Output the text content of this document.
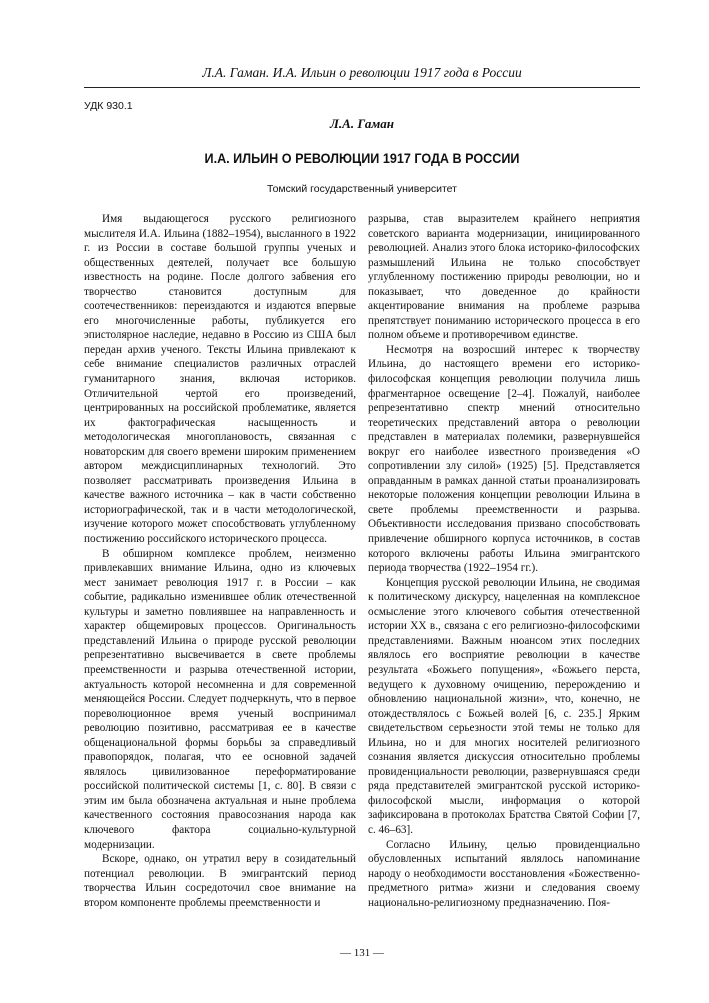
Л.А. Гаман. И.А. Ильин о революции 1917 года в России
УДК 930.1
Л.А. Гаман
И.А. ИЛЬИН О РЕВОЛЮЦИИ 1917 ГОДА В РОССИИ
Томский государственный университет

Имя выдающегося русского религиозного мыслителя И.А. Ильина (1882–1954), высланного в 1922 г. из России в составе большой группы ученых и общественных деятелей, получает все большую известность на родине. После долгого забвения его творчество становится доступным для соотечественников: переиздаются и издаются впервые его многочисленные работы, публикуется его эпистолярное наследие, недавно в Россию из США был передан архив ученого. Тексты Ильина привлекают к себе внимание специалистов различных отраслей гуманитарного знания, включая историков. Отличительной чертой его произведений, центрированных на российской проблематике, является их фактографическая насыщенность и методологическая многоплановость, связанная с новаторским для своего времени широким применением автором междисциплинарных технологий. Это позволяет рассматривать произведения Ильина в качестве важного источника – как в части собственно историографической, так и в части методологической, изучение которого может способствовать углубленному постижению российского исторического процесса.

В обширном комплексе проблем, неизменно привлекавших внимание Ильина, одно из ключевых мест занимает революция 1917 г. в России – как событие, радикально изменившее облик отечественной культуры и заметно повлиявшее на направленность и характер общемировых процессов. Оригинальность представлений Ильина о природе русской революции репрезентативно высвечивается в свете проблемы преемственности и разрыва отечественной истории, актуальность которой несомненна и для современной меняющейся России. Следует подчеркнуть, что в первое пореволюционное время ученый воспринимал революцию позитивно, рассматривая ее в качестве общенациональной формы борьбы за справедливый правопорядок, полагая, что ее основной задачей являлось цивилизованное переформатирование российской политической системы [1, с. 80]. В связи с этим им была обозначена актуальная и ныне проблема качественного состояния правосознания народа как ключевого фактора социально-культурной модернизации.

Вскоре, однако, он утратил веру в созидательный потенциал революции. В эмигрантский период творчества Ильин сосредоточил свое внимание на втором компоненте проблемы преемственности и

разрыва, став выразителем крайнего неприятия советского варианта модернизации, инициированного революцией. Анализ этого блока историко-философских размышлений Ильина не только способствует углубленному постижению природы революции, но и показывает, что доведенное до крайности акцентирование внимания на проблеме разрыва препятствует пониманию исторического процесса в его полном объеме и противоречивом единстве.

Несмотря на возросший интерес к творчеству Ильина, до настоящего времени его историко-философская концепция революции получила лишь фрагментарное освещение [2–4]. Пожалуй, наиболее репрезентативно спектр мнений относительно теоретических представлений автора о революции представлен в материалах полемики, развернувшейся вокруг его наиболее известного произведения «О сопротивлении злу силой» (1925) [5]. Представляется оправданным в рамках данной статьи проанализировать некоторые положения концепции революции Ильина в свете проблемы преемственности и разрыва. Объективности исследования призвано способствовать привлечение обширного корпуса источников, в состав которого включены работы Ильина эмигрантского периода творчества (1922–1954 гг.).

Концепция русской революции Ильина, не сводимая к политическому дискурсу, нацеленная на комплексное осмысление этого ключевого события отечественной истории XX в., связана с его религиозно-философскими представлениями. Важным нюансом этих последних являлось его восприятие революции в качестве результата «Божьего попущения», «Божьего перста, ведущего к духовному очищению, перерождению и обновлению национальной жизни», что, конечно, не отождествлялось с Божьей волей [6, с. 235.] Ярким свидетельством серьезности этой темы не только для Ильина, но и для многих носителей религиозного сознания является дискуссия относительно проблемы провиденциальности революции, развернувшаяся среди ряда представителей эмигрантской русской историко-философской мысли, информация о которой зафиксирована в протоколах Братства Святой Софии [7, с. 46–63].

Согласно Ильину, целью провиденциально обусловленных испытаний являлось напоминание народу о необходимости восстановления «Божественно-предметного ритма» жизни и следования своему национально-религиозному предназначению. Поя-

— 131 —
